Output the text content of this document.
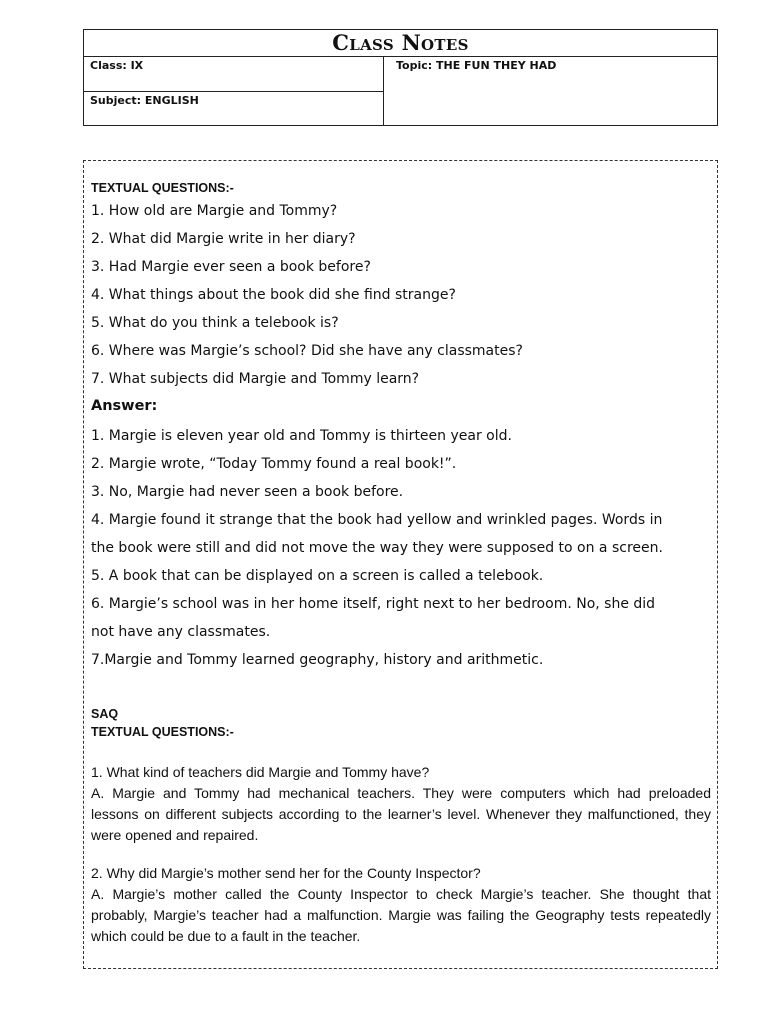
Class Notes
Class: IX
Subject: ENGLISH
Topic: THE FUN THEY HAD
TEXTUAL QUESTIONS:-
1. How old are Margie and Tommy?
2. What did Margie write in her diary?
3. Had Margie ever seen a book before?
4. What things about the book did she find strange?
5. What do you think a telebook is?
6. Where was Margie’s school? Did she have any classmates?
7. What subjects did Margie and Tommy learn?
Answer:
1. Margie is eleven year old and Tommy is thirteen year old.
2. Margie wrote, “Today Tommy found a real book!”.
3. No, Margie had never seen a book before.
4. Margie found it strange that the book had yellow and wrinkled pages. Words in
the book were still and did not move the way they were supposed to on a screen.
5. A book that can be displayed on a screen is called a telebook.
6. Margie’s school was in her home itself, right next to her bedroom. No, she did
not have any classmates.
7.Margie and Tommy learned geography, history and arithmetic.
SAQ
TEXTUAL QUESTIONS:-
1. What kind of teachers did Margie and Tommy have?
A. Margie and Tommy had mechanical teachers. They were computers which had preloaded lessons on different subjects according to the learner’s level. Whenever they malfunctioned, they were opened and repaired.
2. Why did Margie’s mother send her for the County Inspector?
A. Margie’s mother called the County Inspector to check Margie’s teacher. She thought that probably, Margie’s teacher had a malfunction. Margie was failing the Geography tests repeatedly which could be due to a fault in the teacher.
